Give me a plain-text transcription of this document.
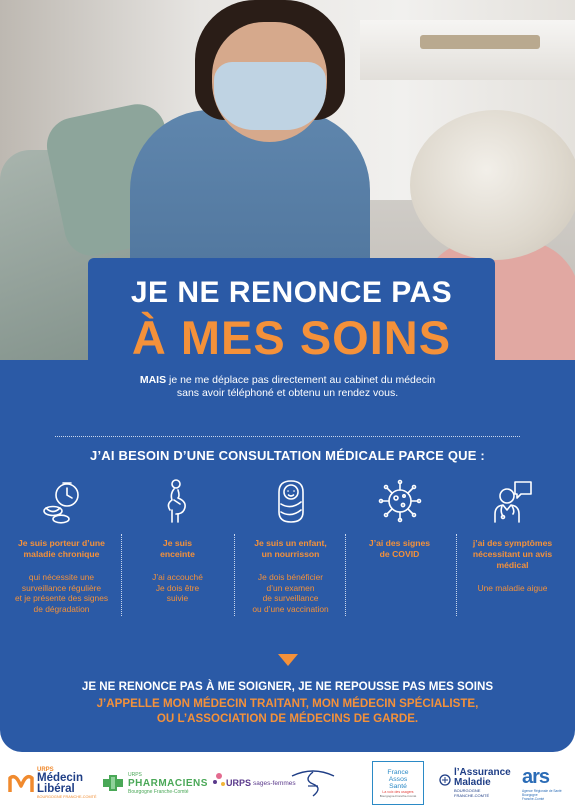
JE NE RENONCE PAS
À MES SOINS
MAIS je ne me déplace pas directement au cabinet du médecin
sans avoir téléphoné et obtenu un rendez vous.
J’AI BESOIN D’UNE CONSULTATION MÉDICALE PARCE QUE :
Je suis porteur d’une
maladie chronique
qui nécessite une
surveillance régulière
et je présente des signes
de dégradation
Je suis
enceinte
J’ai accouché
Je dois être
suivie
Je suis un enfant,
un nourrisson
Je dois bénéficier
d’un examen
de surveillance
ou d’une vaccination
J’ai des signes
de COVID
j’ai des symptômes
nécessitant un avis
médical
Une maladie aigue
JE NE RENONCE PAS À ME SOIGNER, JE NE REPOUSSE PAS MES SOINS
J’APPELLE MON MÉDECIN TRAITANT, MON MÉDECIN SPÉCIALISTE,
OU L’ASSOCIATION DE MÉDECINS DE GARDE.
URPS
Médecin
Libéral
BOURGOGNE FRANCHE-COMTÉ
URPS
PHARMACIENS
Bourgogne Franche-Comté
URPS sages-femmes
France
Assos
Santé
La voix des usagers
Bourgogne-Franche-Comté
l’Assurance
Maladie
BOURGOGNE
FRANCHE-COMTÉ
ars
Agence Régionale de Santé
Bourgogne
Franche-Comté
